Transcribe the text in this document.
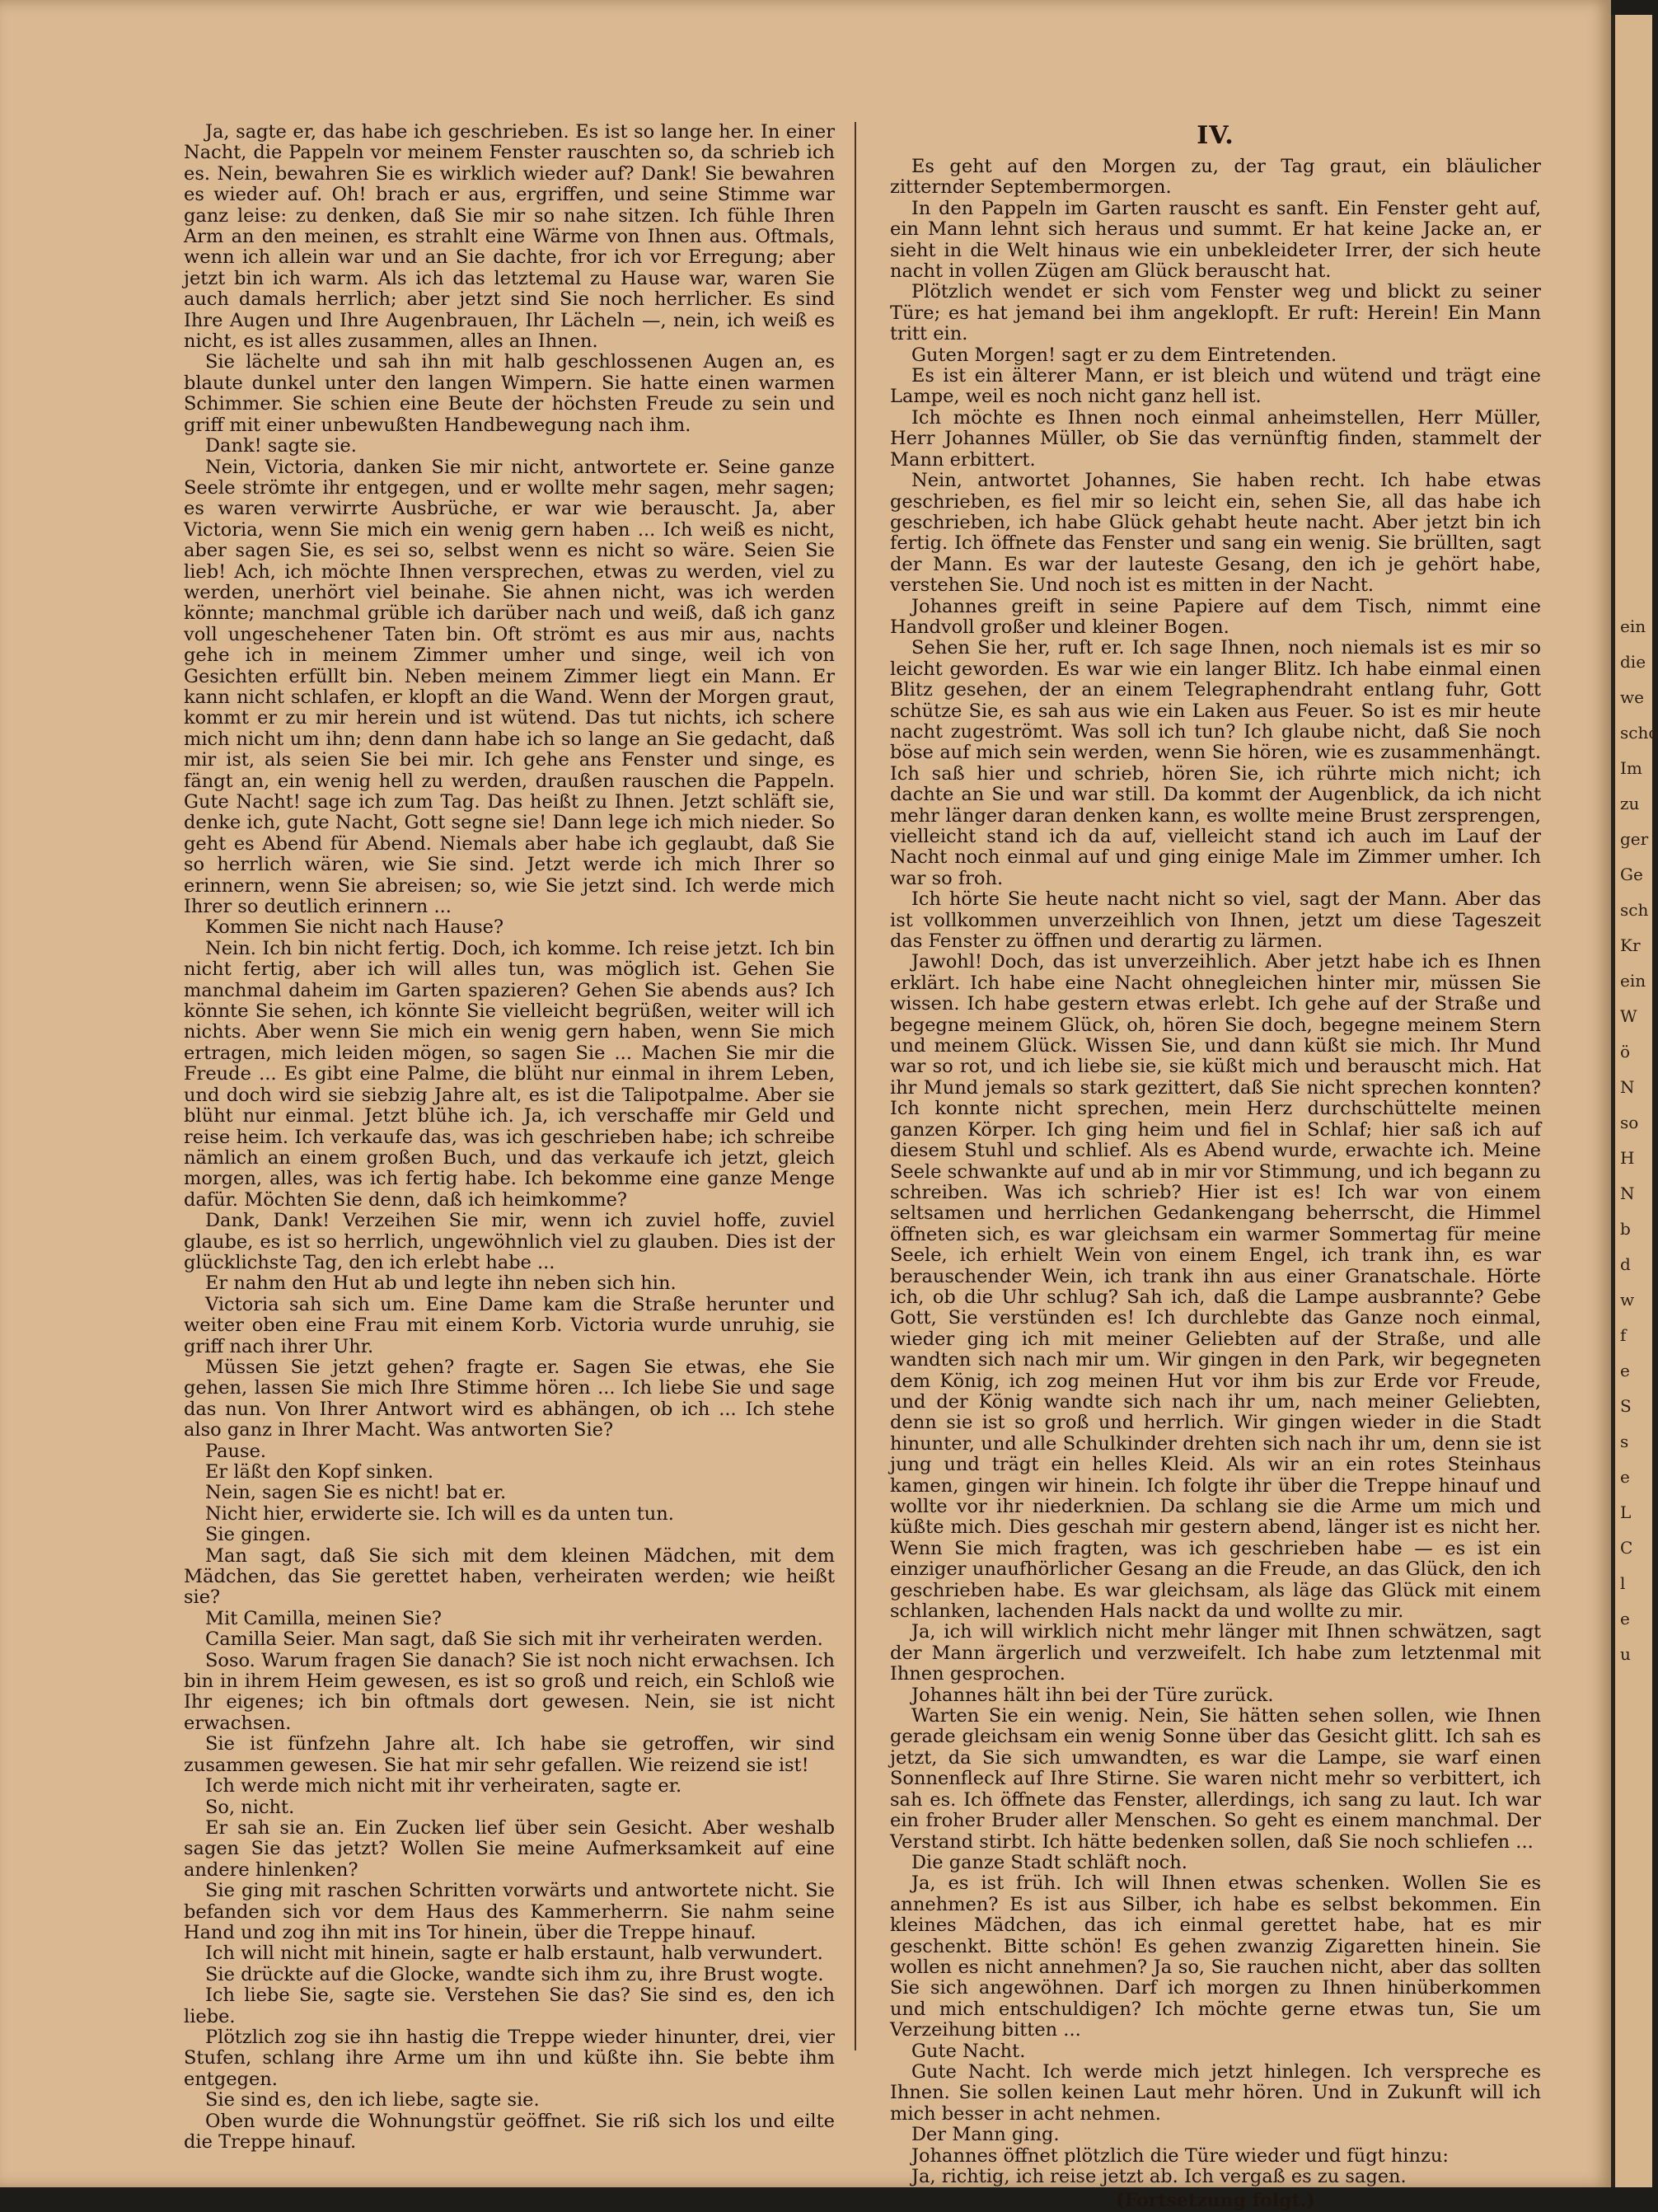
Ja, sagte er, das habe ich geschrieben. Es ist so lange her. In einer Nacht, die Pappeln vor meinem Fenster rauschten so, da schrieb ich es. Nein, bewahren Sie es wirklich wieder auf? Dank! Sie bewahren es wieder auf. Oh! brach er aus, ergriffen, und seine Stimme war ganz leise: zu denken, daß Sie mir so nahe sitzen. Ich fühle Ihren Arm an den meinen, es strahlt eine Wärme von Ihnen aus. Oftmals, wenn ich allein war und an Sie dachte, fror ich vor Erregung; aber jetzt bin ich warm. Als ich das letztemal zu Hause war, waren Sie auch damals herrlich; aber jetzt sind Sie noch herrlicher. Es sind Ihre Augen und Ihre Augenbrauen, Ihr Lächeln —, nein, ich weiß es nicht, es ist alles zusammen, alles an Ihnen.

Sie lächelte und sah ihn mit halb geschlossenen Augen an, es blaute dunkel unter den langen Wimpern. Sie hatte einen warmen Schimmer. Sie schien eine Beute der höchsten Freude zu sein und griff mit einer unbewußten Handbewegung nach ihm.

Dank! sagte sie.

Nein, Victoria, danken Sie mir nicht, antwortete er. Seine ganze Seele strömte ihr entgegen, und er wollte mehr sagen, mehr sagen; es waren verwirrte Ausbrüche, er war wie berauscht. Ja, aber Victoria, wenn Sie mich ein wenig gern haben ... Ich weiß es nicht, aber sagen Sie, es sei so, selbst wenn es nicht so wäre. Seien Sie lieb! Ach, ich möchte Ihnen versprechen, etwas zu werden, viel zu werden, unerhört viel beinahe. Sie ahnen nicht, was ich werden könnte; manchmal grüble ich darüber nach und weiß, daß ich ganz voll ungeschehener Taten bin. Oft strömt es aus mir aus, nachts gehe ich in meinem Zimmer umher und singe, weil ich von Gesichten erfüllt bin. Neben meinem Zimmer liegt ein Mann. Er kann nicht schlafen, er klopft an die Wand. Wenn der Morgen graut, kommt er zu mir herein und ist wütend. Das tut nichts, ich schere mich nicht um ihn; denn dann habe ich so lange an Sie gedacht, daß mir ist, als seien Sie bei mir. Ich gehe ans Fenster und singe, es fängt an, ein wenig hell zu werden, draußen rauschen die Pappeln. Gute Nacht! sage ich zum Tag. Das heißt zu Ihnen. Jetzt schläft sie, denke ich, gute Nacht, Gott segne sie! Dann lege ich mich nieder. So geht es Abend für Abend. Niemals aber habe ich geglaubt, daß Sie so herrlich wären, wie Sie sind. Jetzt werde ich mich Ihrer so erinnern, wenn Sie abreisen; so, wie Sie jetzt sind. Ich werde mich Ihrer so deutlich erinnern ...

Kommen Sie nicht nach Hause?

Nein. Ich bin nicht fertig. Doch, ich komme. Ich reise jetzt. Ich bin nicht fertig, aber ich will alles tun, was möglich ist. Gehen Sie manchmal daheim im Garten spazieren? Gehen Sie abends aus? Ich könnte Sie sehen, ich könnte Sie vielleicht begrüßen, weiter will ich nichts. Aber wenn Sie mich ein wenig gern haben, wenn Sie mich ertragen, mich leiden mögen, so sagen Sie ... Machen Sie mir die Freude ... Es gibt eine Palme, die blüht nur einmal in ihrem Leben, und doch wird sie siebzig Jahre alt, es ist die Talipotpalme. Aber sie blüht nur einmal. Jetzt blühe ich. Ja, ich verschaffe mir Geld und reise heim. Ich verkaufe das, was ich geschrieben habe; ich schreibe nämlich an einem großen Buch, und das verkaufe ich jetzt, gleich morgen, alles, was ich fertig habe. Ich bekomme eine ganze Menge dafür. Möchten Sie denn, daß ich heimkomme?

Dank, Dank! Verzeihen Sie mir, wenn ich zuviel hoffe, zuviel glaube, es ist so herrlich, ungewöhnlich viel zu glauben. Dies ist der glücklichste Tag, den ich erlebt habe ...

Er nahm den Hut ab und legte ihn neben sich hin.

Victoria sah sich um. Eine Dame kam die Straße herunter und weiter oben eine Frau mit einem Korb. Victoria wurde unruhig, sie griff nach ihrer Uhr.

Müssen Sie jetzt gehen? fragte er. Sagen Sie etwas, ehe Sie gehen, lassen Sie mich Ihre Stimme hören ... Ich liebe Sie und sage das nun. Von Ihrer Antwort wird es abhängen, ob ich ... Ich stehe also ganz in Ihrer Macht. Was antworten Sie?

Pause.

Er läßt den Kopf sinken.

Nein, sagen Sie es nicht! bat er.

Nicht hier, erwiderte sie. Ich will es da unten tun.

Sie gingen.

Man sagt, daß Sie sich mit dem kleinen Mädchen, mit dem Mädchen, das Sie gerettet haben, verheiraten werden; wie heißt sie?

Mit Camilla, meinen Sie?

Camilla Seier. Man sagt, daß Sie sich mit ihr verheiraten werden.

Soso. Warum fragen Sie danach? Sie ist noch nicht erwachsen. Ich bin in ihrem Heim gewesen, es ist so groß und reich, ein Schloß wie Ihr eigenes; ich bin oftmals dort gewesen. Nein, sie ist nicht erwachsen.

Sie ist fünfzehn Jahre alt. Ich habe sie getroffen, wir sind zusammen gewesen. Sie hat mir sehr gefallen. Wie reizend sie ist!

Ich werde mich nicht mit ihr verheiraten, sagte er.

So, nicht.

Er sah sie an. Ein Zucken lief über sein Gesicht. Aber weshalb sagen Sie das jetzt? Wollen Sie meine Aufmerksamkeit auf eine andere hinlenken?

Sie ging mit raschen Schritten vorwärts und antwortete nicht. Sie befanden sich vor dem Haus des Kammerherrn. Sie nahm seine Hand und zog ihn mit ins Tor hinein, über die Treppe hinauf.

Ich will nicht mit hinein, sagte er halb erstaunt, halb verwundert.

Sie drückte auf die Glocke, wandte sich ihm zu, ihre Brust wogte.

Ich liebe Sie, sagte sie. Verstehen Sie das? Sie sind es, den ich liebe.

Plötzlich zog sie ihn hastig die Treppe wieder hinunter, drei, vier Stufen, schlang ihre Arme um ihn und küßte ihn. Sie bebte ihm entgegen.

Sie sind es, den ich liebe, sagte sie.

Oben wurde die Wohnungstür geöffnet. Sie riß sich los und eilte die Treppe hinauf.

IV.

Es geht auf den Morgen zu, der Tag graut, ein bläulicher zitternder Septembermorgen.

In den Pappeln im Garten rauscht es sanft. Ein Fenster geht auf, ein Mann lehnt sich heraus und summt. Er hat keine Jacke an, er sieht in die Welt hinaus wie ein unbekleideter Irrer, der sich heute nacht in vollen Zügen am Glück berauscht hat.

Plötzlich wendet er sich vom Fenster weg und blickt zu seiner Türe; es hat jemand bei ihm angeklopft. Er ruft: Herein! Ein Mann tritt ein.

Guten Morgen! sagt er zu dem Eintretenden.

Es ist ein älterer Mann, er ist bleich und wütend und trägt eine Lampe, weil es noch nicht ganz hell ist.

Ich möchte es Ihnen noch einmal anheimstellen, Herr Müller, Herr Johannes Müller, ob Sie das vernünftig finden, stammelt der Mann erbittert.

Nein, antwortet Johannes, Sie haben recht. Ich habe etwas geschrieben, es fiel mir so leicht ein, sehen Sie, all das habe ich geschrieben, ich habe Glück gehabt heute nacht. Aber jetzt bin ich fertig. Ich öffnete das Fenster und sang ein wenig. Sie brüllten, sagt der Mann. Es war der lauteste Gesang, den ich je gehört habe, verstehen Sie. Und noch ist es mitten in der Nacht.

Johannes greift in seine Papiere auf dem Tisch, nimmt eine Handvoll großer und kleiner Bogen.

Sehen Sie her, ruft er. Ich sage Ihnen, noch niemals ist es mir so leicht geworden. Es war wie ein langer Blitz. Ich habe einmal einen Blitz gesehen, der an einem Telegraphendraht entlang fuhr, Gott schütze Sie, es sah aus wie ein Laken aus Feuer. So ist es mir heute nacht zugeströmt. Was soll ich tun? Ich glaube nicht, daß Sie noch böse auf mich sein werden, wenn Sie hören, wie es zusammenhängt. Ich saß hier und schrieb, hören Sie, ich rührte mich nicht; ich dachte an Sie und war still. Da kommt der Augenblick, da ich nicht mehr länger daran denken kann, es wollte meine Brust zersprengen, vielleicht stand ich da auf, vielleicht stand ich auch im Lauf der Nacht noch einmal auf und ging einige Male im Zimmer umher. Ich war so froh.

Ich hörte Sie heute nacht nicht so viel, sagt der Mann. Aber das ist vollkommen unverzeihlich von Ihnen, jetzt um diese Tageszeit das Fenster zu öffnen und derartig zu lärmen.

Jawohl! Doch, das ist unverzeihlich. Aber jetzt habe ich es Ihnen erklärt. Ich habe eine Nacht ohnegleichen hinter mir, müssen Sie wissen. Ich habe gestern etwas erlebt. Ich gehe auf der Straße und begegne meinem Glück, oh, hören Sie doch, begegne meinem Stern und meinem Glück. Wissen Sie, und dann küßt sie mich. Ihr Mund war so rot, und ich liebe sie, sie küßt mich und berauscht mich. Hat ihr Mund jemals so stark gezittert, daß Sie nicht sprechen konnten? Ich konnte nicht sprechen, mein Herz durchschüttelte meinen ganzen Körper. Ich ging heim und fiel in Schlaf; hier saß ich auf diesem Stuhl und schlief. Als es Abend wurde, erwachte ich. Meine Seele schwankte auf und ab in mir vor Stimmung, und ich begann zu schreiben. Was ich schrieb? Hier ist es! Ich war von einem seltsamen und herrlichen Gedankengang beherrscht, die Himmel öffneten sich, es war gleichsam ein warmer Sommertag für meine Seele, ich erhielt Wein von einem Engel, ich trank ihn, es war berauschender Wein, ich trank ihn aus einer Granatschale. Hörte ich, ob die Uhr schlug? Sah ich, daß die Lampe ausbrannte? Gebe Gott, Sie verstünden es! Ich durchlebte das Ganze noch einmal, wieder ging ich mit meiner Geliebten auf der Straße, und alle wandten sich nach mir um. Wir gingen in den Park, wir begegneten dem König, ich zog meinen Hut vor ihm bis zur Erde vor Freude, und der König wandte sich nach ihr um, nach meiner Geliebten, denn sie ist so groß und herrlich. Wir gingen wieder in die Stadt hinunter, und alle Schulkinder drehten sich nach ihr um, denn sie ist jung und trägt ein helles Kleid. Als wir an ein rotes Steinhaus kamen, gingen wir hinein. Ich folgte ihr über die Treppe hinauf und wollte vor ihr niederknien. Da schlang sie die Arme um mich und küßte mich. Dies geschah mir gestern abend, länger ist es nicht her. Wenn Sie mich fragten, was ich geschrieben habe — es ist ein einziger unaufhörlicher Gesang an die Freude, an das Glück, den ich geschrieben habe. Es war gleichsam, als läge das Glück mit einem schlanken, lachenden Hals nackt da und wollte zu mir.

Ja, ich will wirklich nicht mehr länger mit Ihnen schwätzen, sagt der Mann ärgerlich und verzweifelt. Ich habe zum letztenmal mit Ihnen gesprochen.

Johannes hält ihn bei der Türe zurück.

Warten Sie ein wenig. Nein, Sie hätten sehen sollen, wie Ihnen gerade gleichsam ein wenig Sonne über das Gesicht glitt. Ich sah es jetzt, da Sie sich umwandten, es war die Lampe, sie warf einen Sonnenfleck auf Ihre Stirne. Sie waren nicht mehr so verbittert, ich sah es. Ich öffnete das Fenster, allerdings, ich sang zu laut. Ich war ein froher Bruder aller Menschen. So geht es einem manchmal. Der Verstand stirbt. Ich hätte bedenken sollen, daß Sie noch schliefen ...

Die ganze Stadt schläft noch.

Ja, es ist früh. Ich will Ihnen etwas schenken. Wollen Sie es annehmen? Es ist aus Silber, ich habe es selbst bekommen. Ein kleines Mädchen, das ich einmal gerettet habe, hat es mir geschenkt. Bitte schön! Es gehen zwanzig Zigaretten hinein. Sie wollen es nicht annehmen? Ja so, Sie rauchen nicht, aber das sollten Sie sich angewöhnen. Darf ich morgen zu Ihnen hinüberkommen und mich entschuldigen? Ich möchte gerne etwas tun, Sie um Verzeihung bitten ...

Gute Nacht.

Gute Nacht. Ich werde mich jetzt hinlegen. Ich verspreche es Ihnen. Sie sollen keinen Laut mehr hören. Und in Zukunft will ich mich besser in acht nehmen.

Der Mann ging.

Johannes öffnet plötzlich die Türe wieder und fügt hinzu:

Ja, richtig, ich reise jetzt ab. Ich vergaß es zu sagen.

(Fortsetzung folgt.)
ein
die
we
scho
Im
zu
ger
Ge
sch
Kr
ein
W
ö
N
so
H
N
b
d
w
f
e
S
s
e
L
C
l
e
u
